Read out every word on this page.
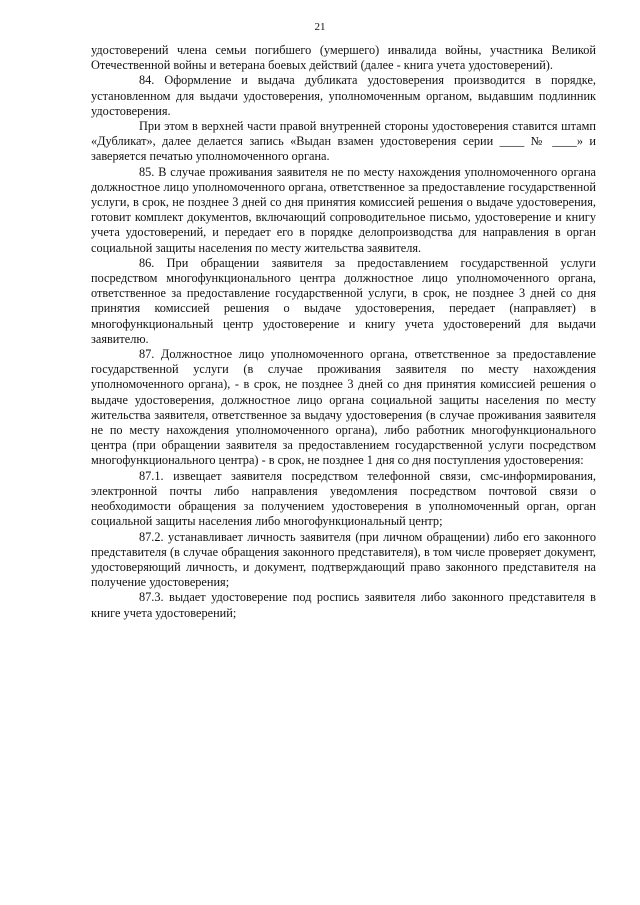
21

удостоверений члена семьи погибшего (умершего) инвалида войны, участника Великой Отечественной войны и ветерана боевых действий (далее - книга учета удостоверений).

84. Оформление и выдача дубликата удостоверения производится в порядке, установленном для выдачи удостоверения, уполномоченным органом, выдавшим подлинник удостоверения.

При этом в верхней части правой внутренней стороны удостоверения ставится штамп «Дубликат», далее делается запись «Выдан взамен удостоверения серии ____ № ____» и заверяется печатью уполномоченного органа.

85. В случае проживания заявителя не по месту нахождения уполномоченного органа должностное лицо уполномоченного органа, ответственное за предоставление государственной услуги, в срок, не позднее 3 дней со дня принятия комиссией решения о выдаче удостоверения, готовит комплект документов, включающий сопроводительное письмо, удостоверение и книгу учета удостоверений, и передает его в порядке делопроизводства для направления в орган социальной защиты населения по месту жительства заявителя.

86. При обращении заявителя за предоставлением государственной услуги посредством многофункционального центра должностное лицо уполномоченного органа, ответственное за предоставление государственной услуги, в срок, не позднее 3 дней со дня принятия комиссией решения о выдаче удостоверения, передает (направляет) в многофункциональный центр удостоверение и книгу учета удостоверений для выдачи заявителю.

87. Должностное лицо уполномоченного органа, ответственное за предоставление государственной услуги (в случае проживания заявителя по месту нахождения уполномоченного органа), - в срок, не позднее 3 дней со дня принятия комиссией решения о выдаче удостоверения, должностное лицо органа социальной защиты населения по месту жительства заявителя, ответственное за выдачу удостоверения (в случае проживания заявителя не по месту нахождения уполномоченного органа), либо работник многофункционального центра (при обращении заявителя за предоставлением государственной услуги посредством многофункционального центра) - в срок, не позднее 1 дня со дня поступления удостоверения:

87.1. извещает заявителя посредством телефонной связи, смс-информирования, электронной почты либо направления уведомления посредством почтовой связи о необходимости обращения за получением удостоверения в уполномоченный орган, орган социальной защиты населения либо многофункциональный центр;

87.2. устанавливает личность заявителя (при личном обращении) либо его законного представителя (в случае обращения законного представителя), в том числе проверяет документ, удостоверяющий личность, и документ, подтверждающий право законного представителя на получение удостоверения;

87.3. выдает удостоверение под роспись заявителя либо законного представителя в книге учета удостоверений;
